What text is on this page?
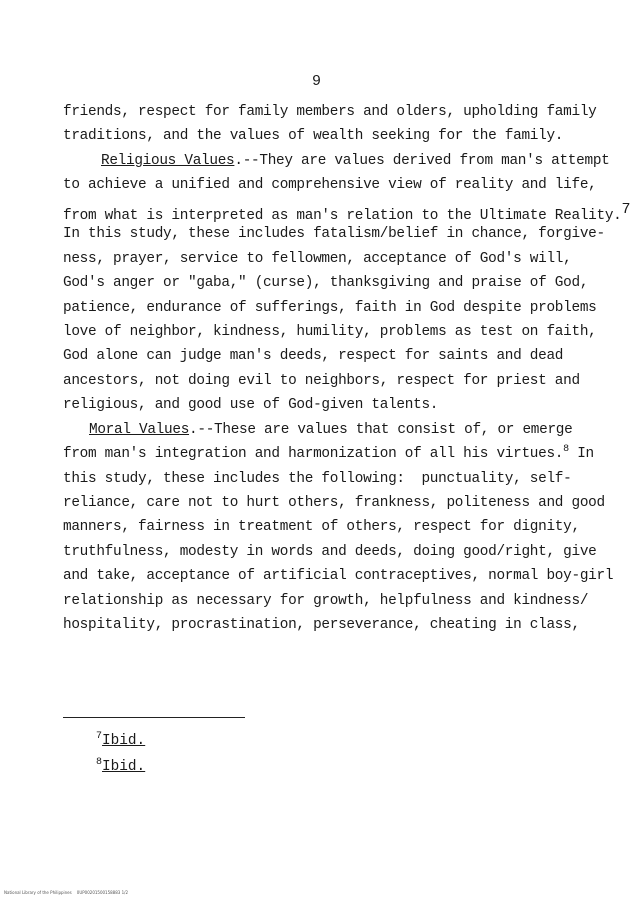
9
friends, respect for family members and olders, upholding family
traditions, and the values of wealth seeking for the family.
Religious Values.--They are values derived from man's attempt
to achieve a unified and comprehensive view of reality and life,
from what is interpreted as man's relation to the Ultimate Reality.7
In this study, these includes fatalism/belief in chance, forgive-
ness, prayer, service to fellowmen, acceptance of God's will,
God's anger or "gaba," (curse), thanksgiving and praise of God,
patience, endurance of sufferings, faith in God despite problems
love of neighbor, kindness, humility, problems as test on faith,
God alone can judge man's deeds, respect for saints and dead
ancestors, not doing evil to neighbors, respect for priest and
religious, and good use of God-given talents.
Moral Values.--These are values that consist of, or emerge
from man's integration and harmonization of all his virtues.$^8$ In
this study, these includes the following:  punctuality, self-
reliance, care not to hurt others, frankness, politeness and good
manners, fairness in treatment of others, respect for dignity,
truthfulness, modesty in words and deeds, doing good/right, give
and take, acceptance of artificial contraceptives, normal boy-girl
relationship as necessary for growth, helpfulness and kindness/
hospitality, procrastination, perseverance, cheating in class,
$^7$Ibid.
$^8$Ibid.
National Library of the Philippines    0UP00201500158883 1/2
